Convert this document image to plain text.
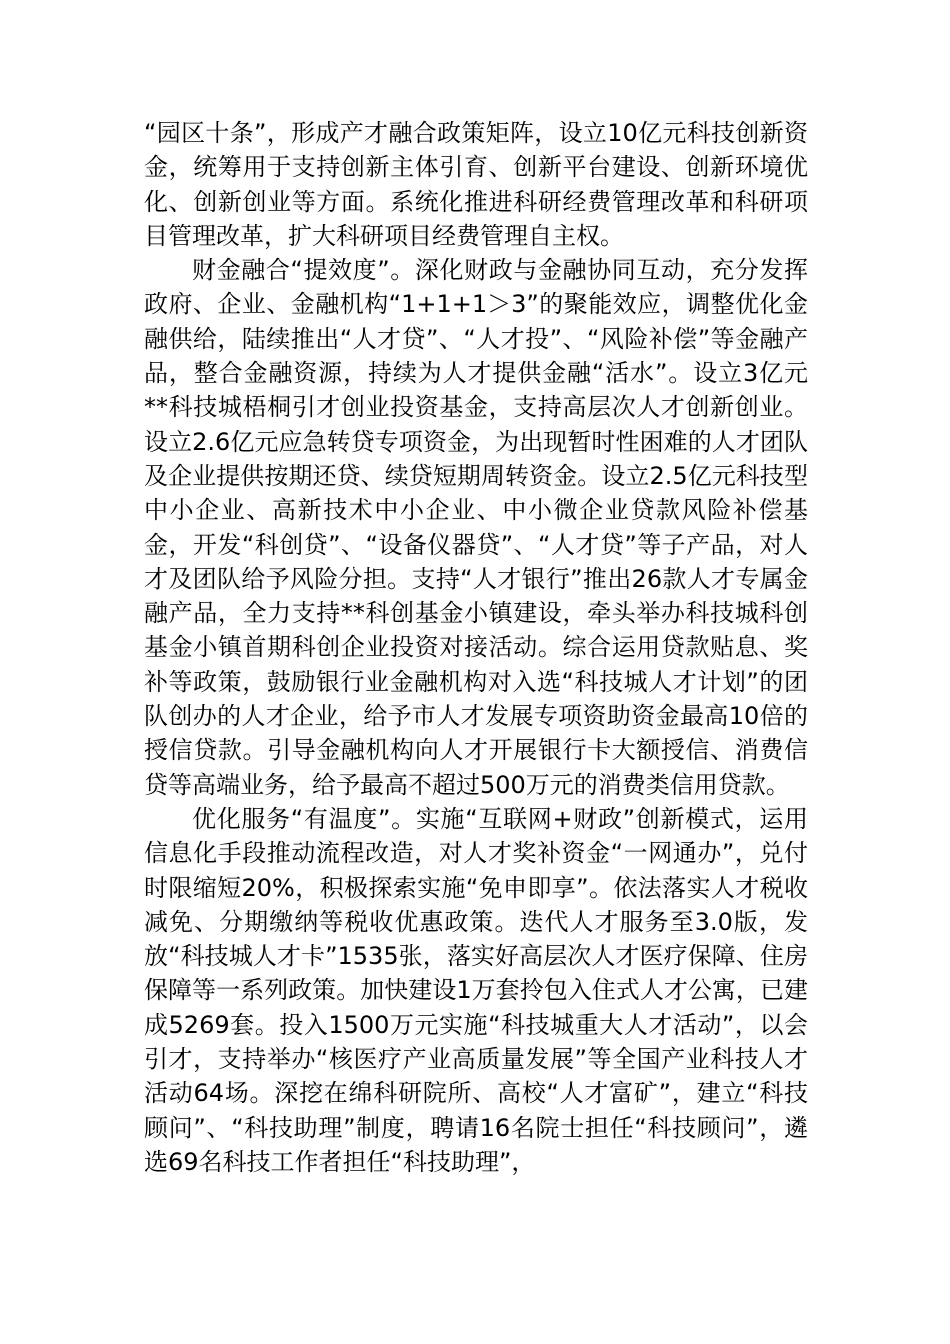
“园区十条”，形成产才融合政策矩阵，设立10亿元科技创新资金，统筹用于支持创新主体引育、创新平台建设、创新环境优化、创新创业等方面。系统化推进科研经费管理改革和科研项目管理改革，扩大科研项目经费管理自主权。

财金融合“提效度”。深化财政与金融协同互动，充分发挥政府、企业、金融机构“1+1+1＞3”的聚能效应，调整优化金融供给，陆续推出“人才贷”、“人才投”、“风险补偿”等金融产品，整合金融资源，持续为人才提供金融“活水”。设立3亿元**科技城梧桐引才创业投资基金，支持高层次人才创新创业。设立2.6亿元应急转贷专项资金，为出现暂时性困难的人才团队及企业提供按期还贷、续贷短期周转资金。设立2.5亿元科技型中小企业、高新技术中小企业、中小微企业贷款风险补偿基金，开发“科创贷”、“设备仪器贷”、“人才贷”等子产品，对人才及团队给予风险分担。支持“人才银行”推出26款人才专属金融产品，全力支持**科创基金小镇建设，牵头举办科技城科创基金小镇首期科创企业投资对接活动。综合运用贷款贴息、奖补等政策，鼓励银行业金融机构对入选“科技城人才计划”的团队创办的人才企业，给予市人才发展专项资助资金最高10倍的授信贷款。引导金融机构向人才开展银行卡大额授信、消费信贷等高端业务，给予最高不超过500万元的消费类信用贷款。

优化服务“有温度”。实施“互联网+财政”创新模式，运用信息化手段推动流程改造，对人才奖补资金“一网通办”，兑付时限缩短20%，积极探索实施“免申即享”。依法落实人才税收减免、分期缴纳等税收优惠政策。迭代人才服务至3.0版，发放“科技城人才卡”1535张，落实好高层次人才医疗保障、住房保障等一系列政策。加快建设1万套拎包入住式人才公寓，已建成5269套。投入1500万元实施“科技城重大人才活动”，以会引才，支持举办“核医疗产业高质量发展”等全国产业科技人才活动64场。深挖在绵科研院所、高校“人才富矿”，建立“科技顾问”、“科技助理”制度，聘请16名院士担任“科技顾问”，遴选69名科技工作者担任“科技助理”，
